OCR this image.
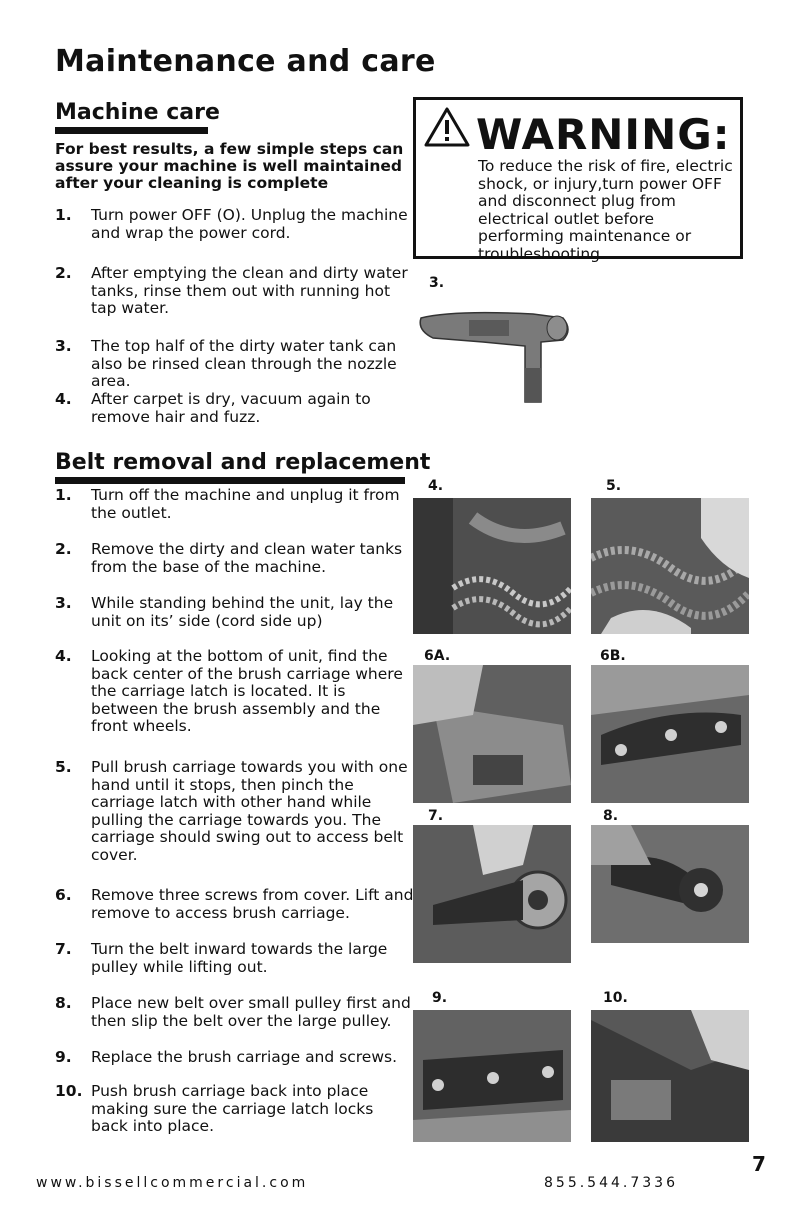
Maintenance and care
Machine care
For best results, a few simple steps can assure your machine is well maintained after your cleaning is complete
1. Turn power OFF (O). Unplug the machine and wrap the power cord.
2. After emptying the clean and dirty water tanks, rinse them out with running hot tap water.
3. The top half of the dirty water tank can also be rinsed clean through the nozzle area.
4. After carpet is dry, vacuum again to remove hair and fuzz.
Belt removal and replacement
1. Turn off the machine and unplug it from the outlet.
2. Remove the dirty and clean water tanks from the base of the machine.
3. While standing behind the unit, lay the unit on its’ side (cord side up)
4. Looking at the bottom of unit, find the back center of the brush carriage where the carriage latch is located. It is between the brush assembly and the front wheels.
5. Pull brush carriage towards you with one hand until it stops, then pinch the carriage latch with other hand while pulling the carriage towards you. The carriage should swing out to access belt cover.
6. Remove three screws from cover. Lift and remove to access brush carriage.
7. Turn the belt inward towards the large pulley while lifting out.
8. Place new belt over small pulley first and then slip the belt over the large pulley.
9. Replace the brush carriage and screws.
10. Push brush carriage back into place making sure the carriage latch locks back into place.
WARNING:
To reduce the risk of fire, electric shock, or injury,turn power OFF and disconnect plug from electrical outlet before performing maintenance or troubleshooting.
3.
4.	5.
6A.	6B.
7.	8.
9.	10.
7
www.bissellcommercial.com	855.544.7336
